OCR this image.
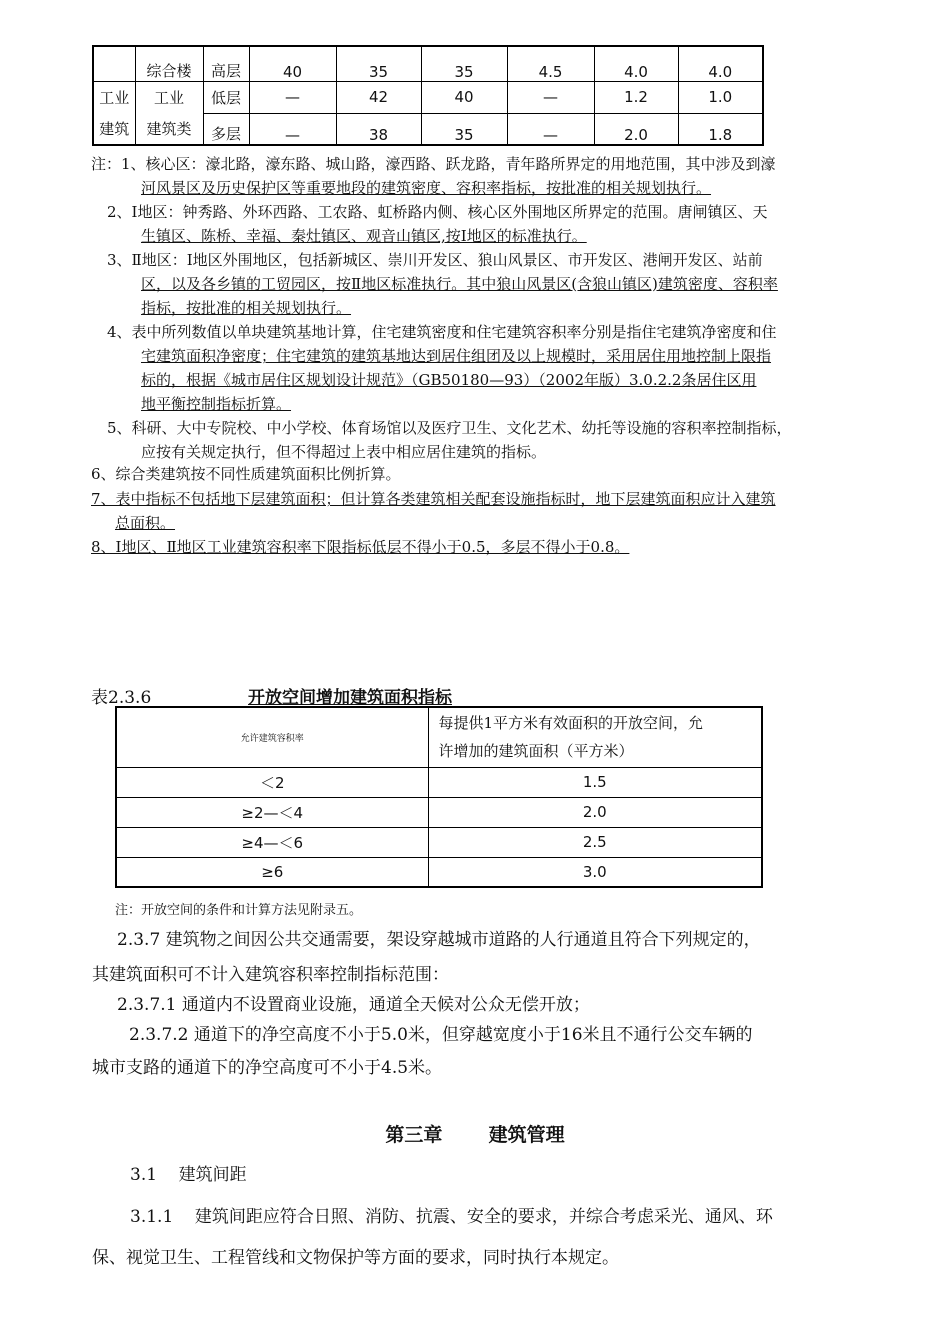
	综合楼	高层	40	35	35	4.5	4.0	4.0
工业	工业	低层	—	42	40	—	1.2	1.0
建筑	建筑类	多层	—	38	35	—	2.0	1.8
注：1、核心区：濠北路，濠东路、城山路，濠西路、跃龙路，青年路所界定的用地范围，其中涉及到濠
河风景区及历史保护区等重要地段的建筑密度、容积率指标，按批准的相关规划执行。
2、Ⅰ地区：钟秀路、外环西路、工农路、虹桥路内侧、核心区外围地区所界定的范围。唐闸镇区、天
生镇区、陈桥、幸福、秦灶镇区、观音山镇区,按Ⅰ地区的标准执行。
3、Ⅱ地区：Ⅰ地区外围地区，包括新城区、崇川开发区、狼山风景区、市开发区、港闸开发区、站前
区，以及各乡镇的工贸园区，按Ⅱ地区标准执行。其中狼山风景区(含狼山镇区)建筑密度、容积率
指标，按批准的相关规划执行。
4、表中所列数值以单块建筑基地计算，住宅建筑密度和住宅建筑容积率分别是指住宅建筑净密度和住
宅建筑面积净密度；住宅建筑的建筑基地达到居住组团及以上规模时，采用居住用地控制上限指
标的，根据《城市居住区规划设计规范》（GB50180—93）（2002年版）3.0.2.2条居住区用
地平衡控制指标折算。
5、科研、大中专院校、中小学校、体育场馆以及医疗卫生、文化艺术、幼托等设施的容积率控制指标，
应按有关规定执行，但不得超过上表中相应居住建筑的指标。
6、综合类建筑按不同性质建筑面积比例折算。
7、表中指标不包括地下层建筑面积；但计算各类建筑相关配套设施指标时，地下层建筑面积应计入建筑
总面积。
8、Ⅰ地区、Ⅱ地区工业建筑容积率下限指标低层不得小于0.5，多层不得小于0.8。
表2.3.6	开放空间增加建筑面积指标
允许建筑容积率	每提供1平方米有效面积的开放空间，允
许增加的建筑面积（平方米）

＜2	1.5
≥2—＜4	2.0
≥4—＜6	2.5
≥6	3.0
注：开放空间的条件和计算方法见附录五。
2.3.7 建筑物之间因公共交通需要，架设穿越城市道路的人行通道且符合下列规定的，
其建筑面积可不计入建筑容积率控制指标范围：
2.3.7.1 通道内不设置商业设施，通道全天候对公众无偿开放；
2.3.7.2 通道下的净空高度不小于5.0米，但穿越宽度小于16米且不通行公交车辆的
城市支路的通道下的净空高度可不小于4.5米。
第三章       建筑管理
3.1    建筑间距
3.1.1    建筑间距应符合日照、消防、抗震、安全的要求，并综合考虑采光、通风、环
保、视觉卫生、工程管线和文物保护等方面的要求，同时执行本规定。
